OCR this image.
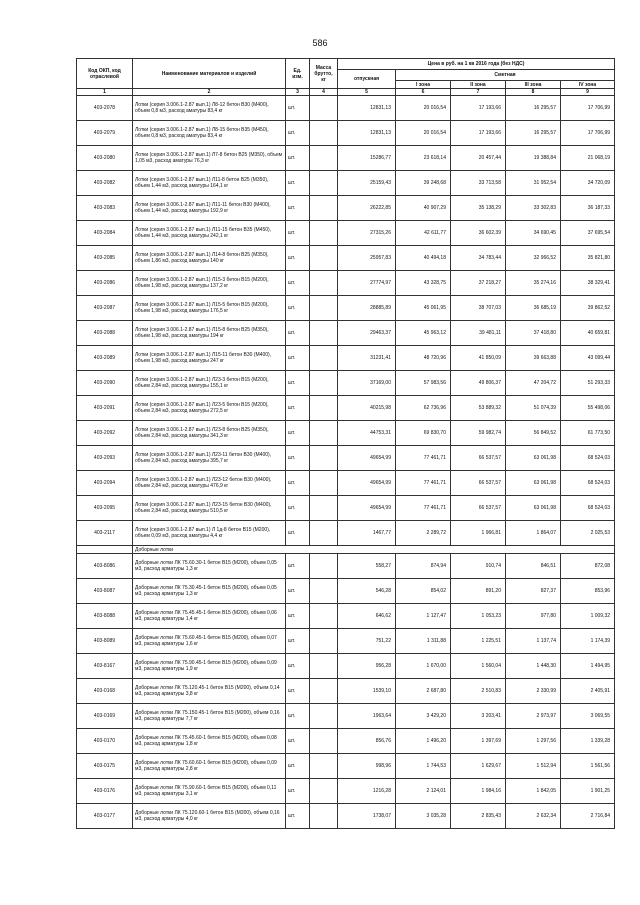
586
Код ОКП, код отраслевой	Наименование материалов и изделий	Ед. изм.	Масса брутто, кг	Цена в руб. на 1 кв 2016 года (без НДС)				
				отпускная	Сметная			
					I зона	II зона	III зона	IV зона
1	2	3	4	5	6	7	8	9
403-2078	Лотки (серия 3.006.1-2.87 вып.1) Л8-12 бетон В30 (М400), объем 0,8 м3, расход аматуры 83,4 кг	шт.		12831,13	20 016,54	17 193,66	16 295,57	17 706,99
403-2079	Лотки (серия 3.006.1-2.87 вып.1) Л8-15 бетон В35 (М450), объем 0,8 м3, расход аматуры 83,4 кг	шт.		12831,13	20 016,54	17 193,66	16 295,57	17 706,99
403-2080	Лотки (серия 3.006.1-2.87 вып.1) Л7-8 бетон В25 (М350), объем 1,05 м3, расход аматуры 76,3 кг	шт.		15286,77	23 618,14	20 457,44	19 388,84	21 068,19
403-2082	Лотки (серия 3.006.1-2.87 вып.1) Л11-8 бетон В25 (М350), объем 1,44 м3, расход аматуры 164,1 кг	шт.		25159,43	39 248,68	33 713,58	31 952,54	34 720,09
403-2083	Лотки (серия 3.006.1-2.87 вып.1) Л11-11 бетон В30 (М400), объем 1,44 м3, расход аматуры 192,9 кг	шт.		26222,85	40 907,29	35 138,29	33 302,83	36 187,33
403-2084	Лотки (серия 3.006.1-2.87 вып.1) Л11-15 бетон В35 (М450), объем 1,44 м3, расход аматуры 242,1 кг	шт.		27315,26	42 611,77	36 602,39	34 690,45	37 695,54
403-2085	Лотки (серия 3.006.1-2.87 вып.1) Л14-8 бетон В25 (М350), объем 1,86 м3, расход аматуры 140 кг	шт.		25957,83	40 494,18	34 783,44	32 966,52	35 821,80
403-2086	Лотки (серия 3.006.1-2.87 вып.1) Л15-3 бетон В15 (М200), объем 1,98 м3, расход аматуры 137,2 кг	шт.		27774,97	43 328,75	37 218,27	35 274,16	38 329,41
403-2087	Лотки (серия 3.006.1-2.87 вып.1) Л15-5 бетон В15 (М200), объем 1,98 м3, расход аматуры 176,5 кг	шт.		28885,89	45 061,95	38 707,03	36 685,19	39 862,52
403-2088	Лотки (серия 3.006.1-2.87 вып.1) Л15-8 бетон В25 (М350), объем 1,98 м3, расход аматуры 194 кг	шт.		29463,37	45 963,12	39 481,11	37 418,80	40 659,81
403-2089	Лотки (серия 3.006.1-2.87 вып.1) Л15-11 бетон В30 (М400), объем 1,98 м3, расход аматуры 247 кг	шт.		31231,41	48 720,96	41 850,09	39 663,88	43 099,44
403-2090	Лотки (серия 3.006.1-2.87 вып.1) Л23-3 бетон В15 (М200), объем 2,84 м3, расход аматуры 155,1 кг	шт.		37169,00	57 983,56	49 806,37	47 204,72	51 293,33
403-2091	Лотки (серия 3.006.1-2.87 вып.1) Л23-5 бетон В15 (М200), объем 2,84 м3, расход аматуры 272,5 кг	шт.		40215,98	62 736,96	53 889,32	51 074,39	55 498,06
403-2092	Лотки (серия 3.006.1-2.87 вып.1) Л23-8 бетон В25 (М350), объем 2,84 м3, расход аматуры 341,3 кг	шт.		44753,31	69 830,70	59 982,74	56 849,52	61 773,50
403-2093	Лотки (серия 3.006.1-2.87 вып.1) Л23-11 бетон В30 (М400), объем 2,84 м3, расход аматуры 395,7 кг	шт.		49654,99	77 461,71	66 537,57	63 061,98	68 524,03
403-2094	Лотки (серия 3.006.1-2.87 вып.1) Л23-12 бетон В30 (М400), объем 2,84 м3, расход аматуры 476,9 кг	шт.		49654,99	77 461,71	66 537,57	63 061,98	68 524,03
403-2095	Лотки (серия 3.006.1-2.87 вып.1) Л23-15 бетон В30 (М400), объем 2,84 м3, расход аматуры 510,5 кг	шт.		49654,99	77 461,71	66 537,57	63 061,98	68 524,03
403-2117	Лотки (серия 3.006.1-2.87 вып.1) Л 1д-8 бетон В15 (М200), объем 0,09 м3, расход аматуры 4,4 кг	шт.		1467,77	2 289,72	1 966,81	1 864,07	2 025,53
	Доборные лотки							
403-8086	Доборные лотки ЛК 75.60.30-1 бетон В15 (М200), объем 0,05 м3, расход арматуры 1,3 кг	шт.		558,27	874,94	910,74	846,51	872,08
403-8087	Доборные лотки ЛК 75.30.45-1 бетон В15 (М200), объем 0,05 м3, расход арматуры 1,3 кг	шт.		546,28	854,02	891,20	827,37	853,96
403-8088	Доборные лотки ЛК 75.45.45-1 бетон В15 (М200), объем 0,06 м3, расход арматуры 1,4 кг	шт.		646,62	1 127,47	1 053,23	977,80	1 009,32
403-8089	Доборные лотки ЛК 75.60.45-1 бетон В15 (М200), объем 0,07 м3, расход арматуры 1,6 кг	шт.		751,22	1 311,88	1 225,51	1 137,74	1 174,39
403-8167	Доборные лотки ЛК 75.90.45-1 бетон В15 (М200), объем 0,09 м3, расход арматуры 1,9 кг	шт.		956,28	1 670,00	1 560,04	1 448,30	1 494,95
403-0168	Доборные лотки ЛК 75.120.45-1 бетон В15 (М200), объем 0,14 м3, расход арматуры 3,8 кг	шт.		1539,10	2 687,80	2 510,83	2 330,99	2 405,91
403-0169	Доборные лотки ЛК 75.150.45-1 бетон В15 (М200), объем 0,16 м3, расход арматуры 7,7 кг	шт.		1963,64	3 429,20	3 203,41	2 973,97	3 069,55
403-0170	Доборные лотки ЛК 75.45.60-1 бетон В15 (М200), объем 0,08 м3, расход арматуры 1,8 кг	шт.		856,76	1 496,20	1 397,69	1 297,56	1 339,28
403-0175	Доборные лотки ЛК 75.60.60-1 бетон В15 (М200), объем 0,09 м3, расход арматуры 2,8 кг	шт.		998,96	1 744,53	1 629,67	1 512,94	1 561,56
403-0176	Доборные лотки ЛК 75.90.60-1 бетон В15 (М200), объем 0,11 м3, расход арматуры 3,1 кг	шт.		1216,28	2 124,01	1 984,16	1 842,05	1 901,25
403-0177	Доборные лотки ЛК 75.120.60-1 бетон В15 (М200), объем 0,16 м3, расход арматуры 4,0 кг	шт.		1738,07	3 035,28	2 835,43	2 632,34	2 716,84
